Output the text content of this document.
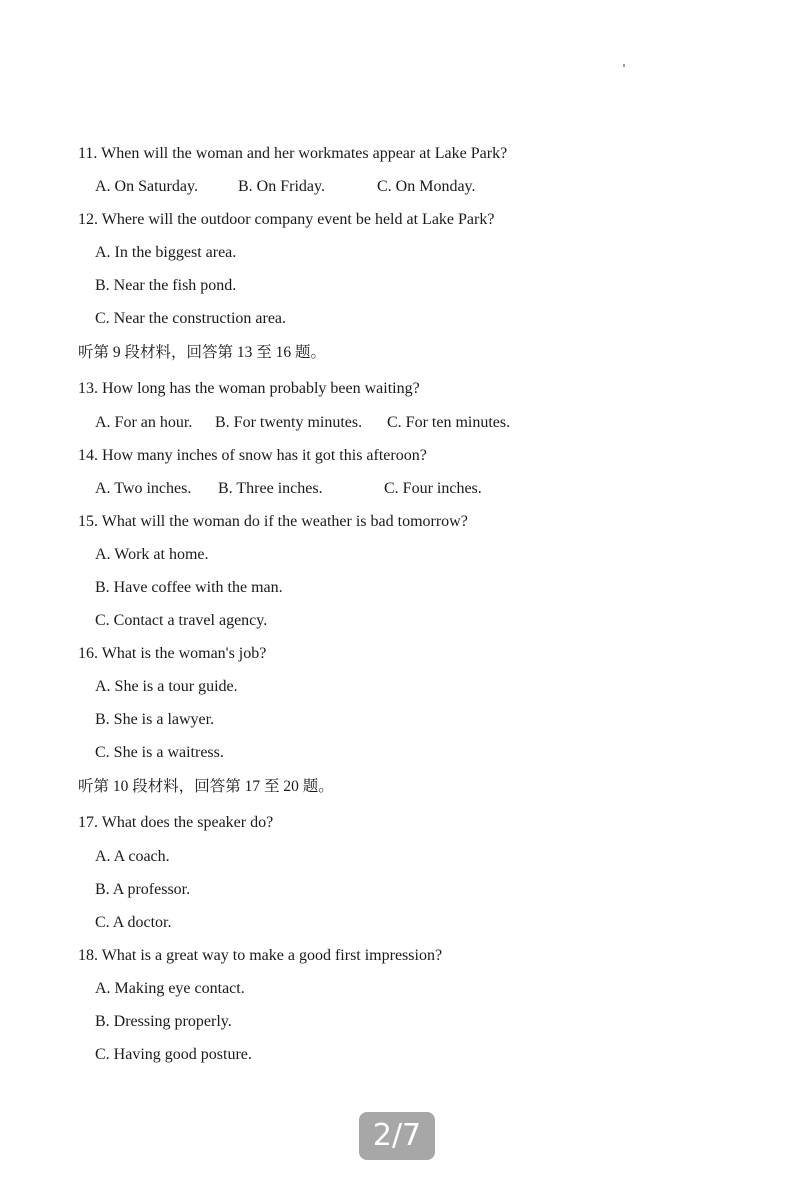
11. When will the woman and her workmates appear at Lake Park?
A. On Saturday.	B. On Friday.	C. On Monday.
12. Where will the outdoor company event be held at Lake Park?
A. In the biggest area.
B. Near the fish pond.
C. Near the construction area.
听第 9 段材料，回答第 13 至 16 题。
13. How long has the woman probably been waiting?
A. For an hour. B. For twenty minutes. C. For ten minutes.
14. How many inches of snow has it got this afteroon?
A. Two inches. B. Three inches.	C. Four inches.
15. What will the woman do if the weather is bad tomorrow?
A. Work at home.
B. Have coffee with the man.
C. Contact a travel agency.
16. What is the woman's job?
A. She is a tour guide.
B. She is a lawyer.
C. She is a waitress.
听第 10 段材料，回答第 17 至 20 题。
17. What does the speaker do?
A. A coach.
B. A professor.
C. A doctor.
18. What is a great way to make a good first impression?
A. Making eye contact.
B. Dressing properly.
C. Having good posture.
2/7
